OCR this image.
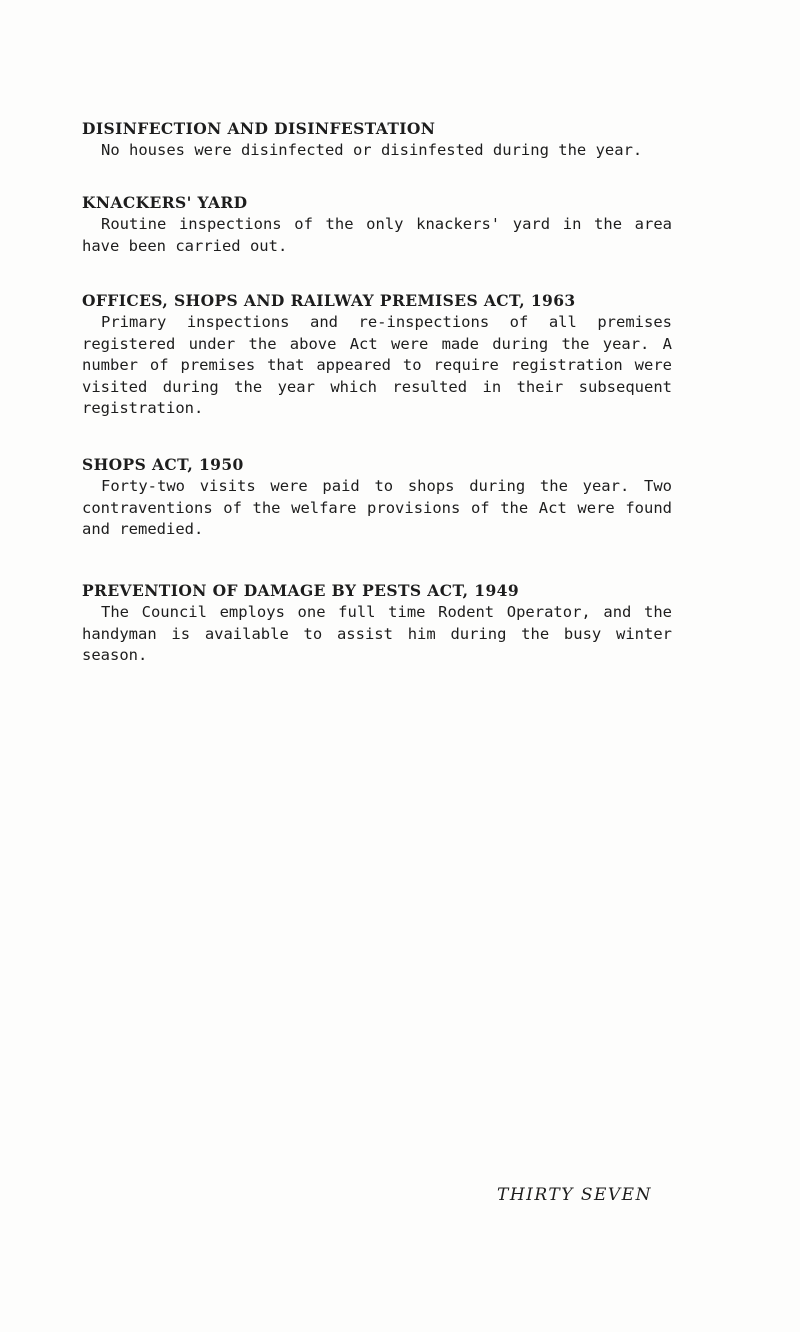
DISINFECTION AND DISINFESTATION

No houses were disinfected or disinfested during the year.

KNACKERS' YARD

Routine inspections of the only knackers' yard in the area have been carried out.

OFFICES, SHOPS AND RAILWAY PREMISES ACT, 1963

Primary inspections and re-inspections of all premises registered under the above Act were made during the year. A number of premises that appeared to require registration were visited during the year which resulted in their subsequent registration.

SHOPS ACT, 1950

Forty-two visits were paid to shops during the year. Two contraventions of the welfare provisions of the Act were found and remedied.

PREVENTION OF DAMAGE BY PESTS ACT, 1949

The Council employs one full time Rodent Operator, and the handyman is available to assist him during the busy winter season.

THIRTY SEVEN
